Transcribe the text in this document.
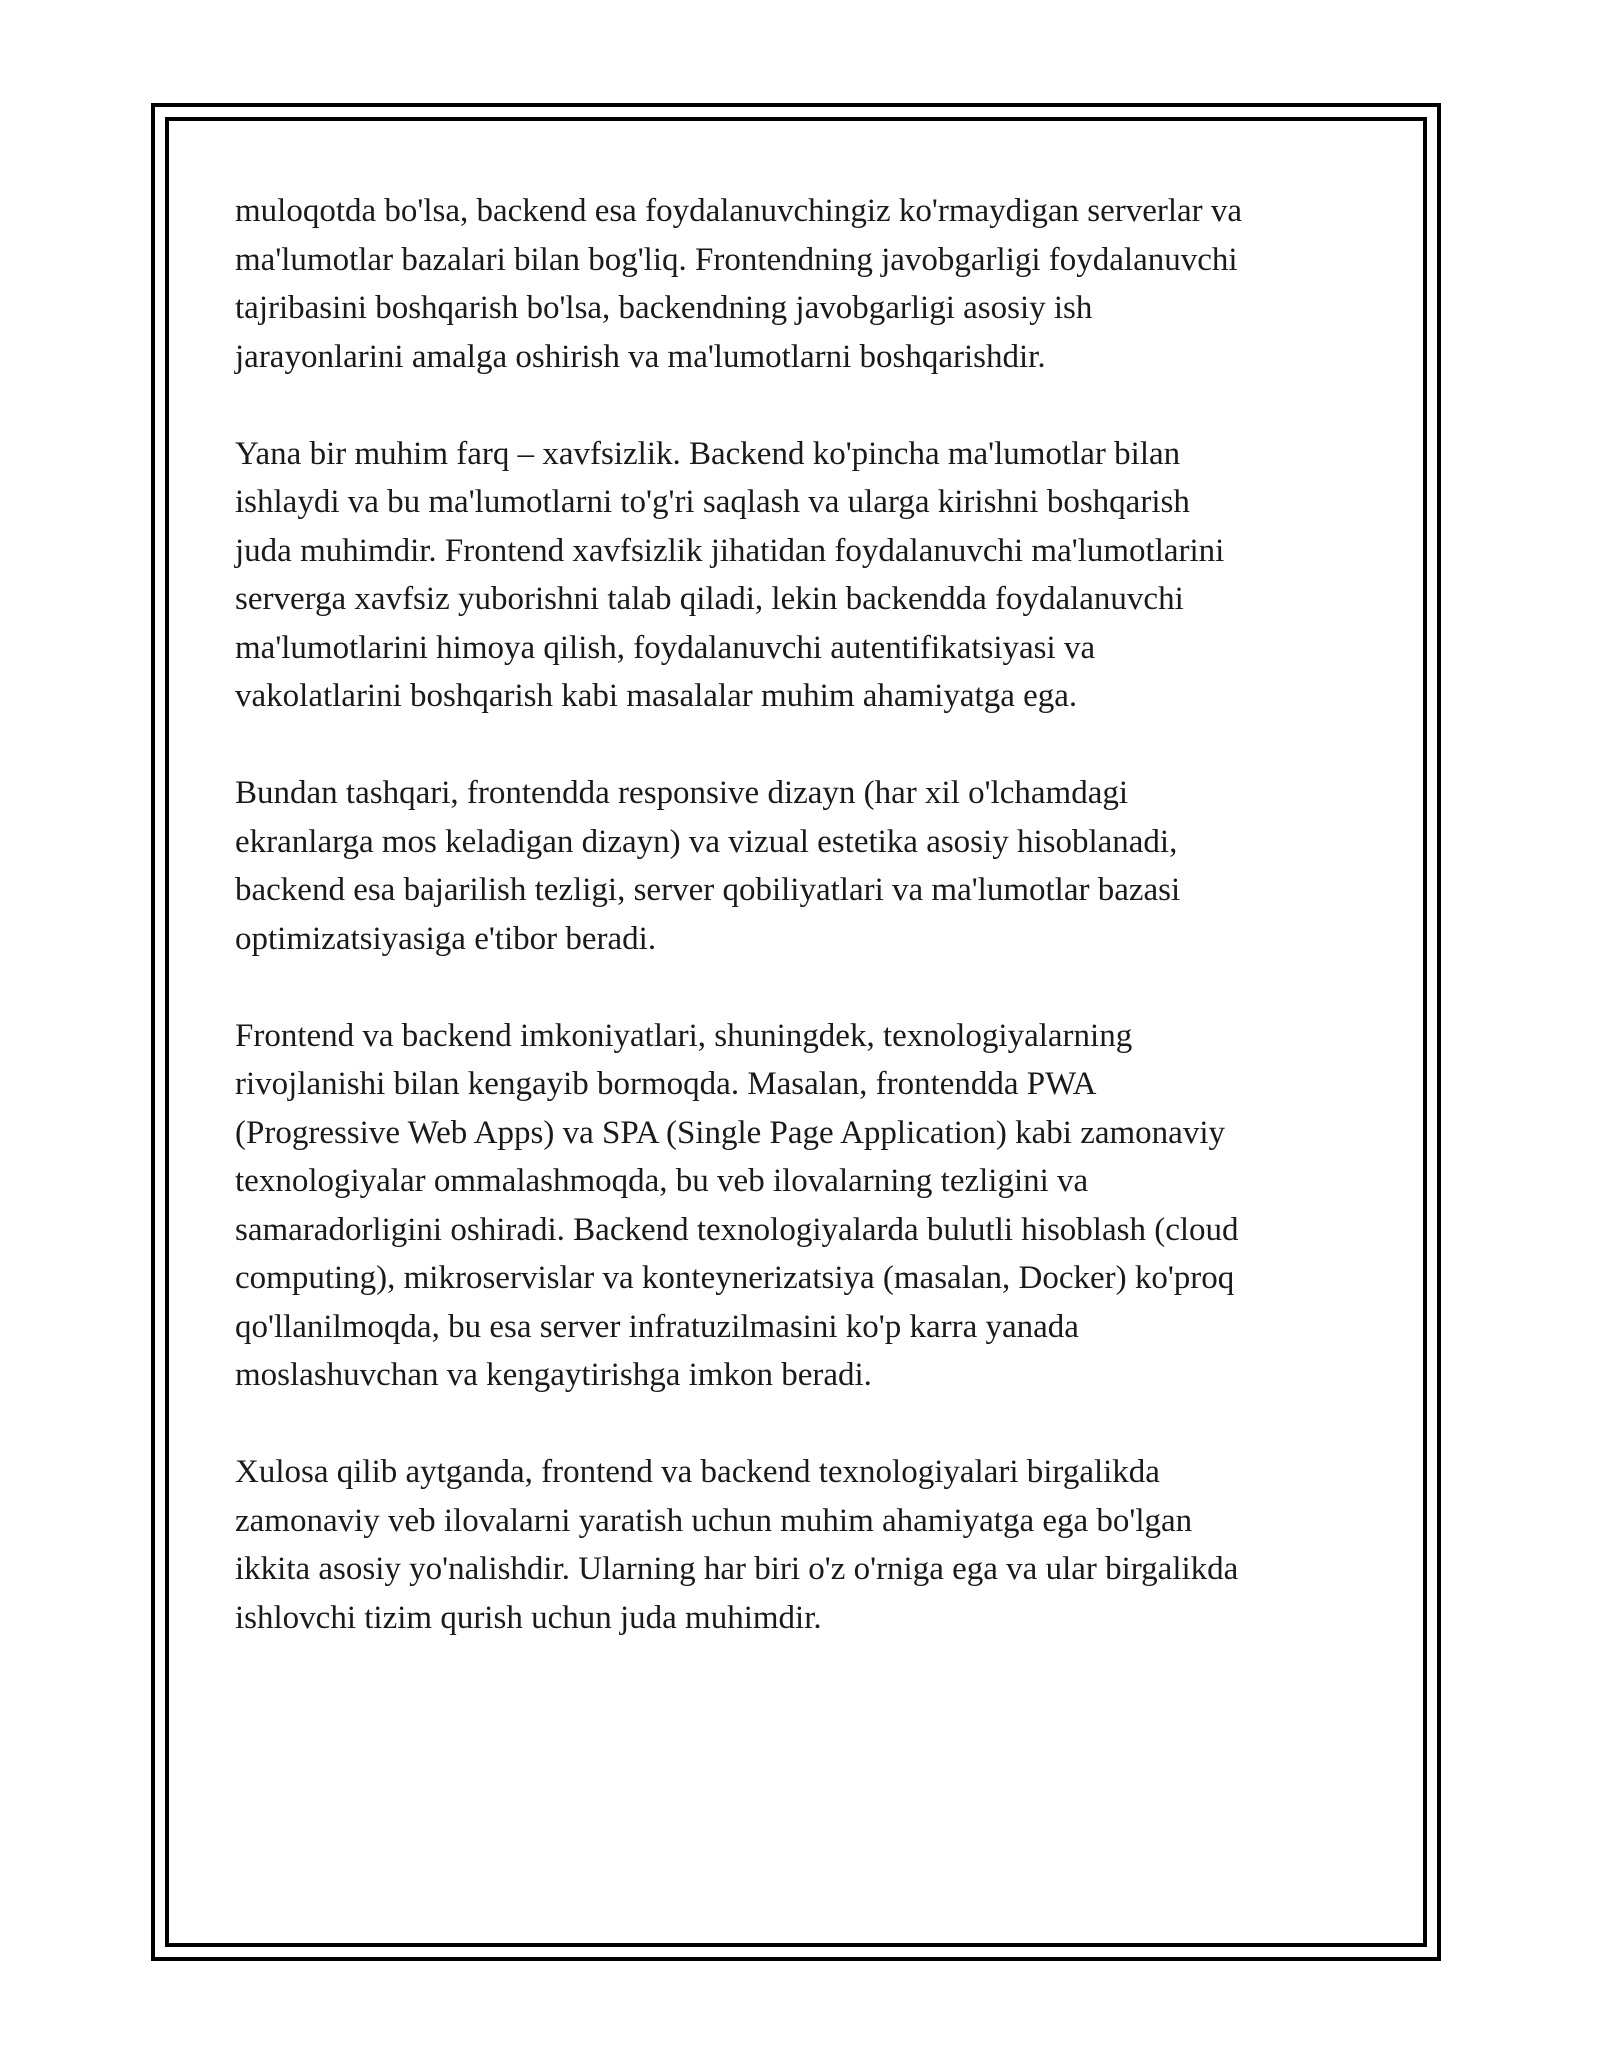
muloqotda bo'lsa, backend esa foydalanuvchingiz ko'rmaydigan serverlar va
ma'lumotlar bazalari bilan bog'liq. Frontendning javobgarligi foydalanuvchi
tajribasini boshqarish bo'lsa, backendning javobgarligi asosiy ish
jarayonlarini amalga oshirish va ma'lumotlarni boshqarishdir.

Yana bir muhim farq – xavfsizlik. Backend ko'pincha ma'lumotlar bilan
ishlaydi va bu ma'lumotlarni to'g'ri saqlash va ularga kirishni boshqarish
juda muhimdir. Frontend xavfsizlik jihatidan foydalanuvchi ma'lumotlarini
serverga xavfsiz yuborishni talab qiladi, lekin backendda foydalanuvchi
ma'lumotlarini himoya qilish, foydalanuvchi autentifikatsiyasi va
vakolatlarini boshqarish kabi masalalar muhim ahamiyatga ega.

Bundan tashqari, frontendda responsive dizayn (har xil o'lchamdagi
ekranlarga mos keladigan dizayn) va vizual estetika asosiy hisoblanadi,
backend esa bajarilish tezligi, server qobiliyatlari va ma'lumotlar bazasi
optimizatsiyasiga e'tibor beradi.

Frontend va backend imkoniyatlari, shuningdek, texnologiyalarning
rivojlanishi bilan kengayib bormoqda. Masalan, frontendda PWA
(Progressive Web Apps) va SPA (Single Page Application) kabi zamonaviy
texnologiyalar ommalashmoqda, bu veb ilovalarning tezligini va
samaradorligini oshiradi. Backend texnologiyalarda bulutli hisoblash (cloud
computing), mikroservislar va konteynerizatsiya (masalan, Docker) ko'proq
qo'llanilmoqda, bu esa server infratuzilmasini ko'p karra yanada
moslashuvchan va kengaytirishga imkon beradi.

Xulosa qilib aytganda, frontend va backend texnologiyalari birgalikda
zamonaviy veb ilovalarni yaratish uchun muhim ahamiyatga ega bo'lgan
ikkita asosiy yo'nalishdir. Ularning har biri o'z o'rniga ega va ular birgalikda
ishlovchi tizim qurish uchun juda muhimdir.
